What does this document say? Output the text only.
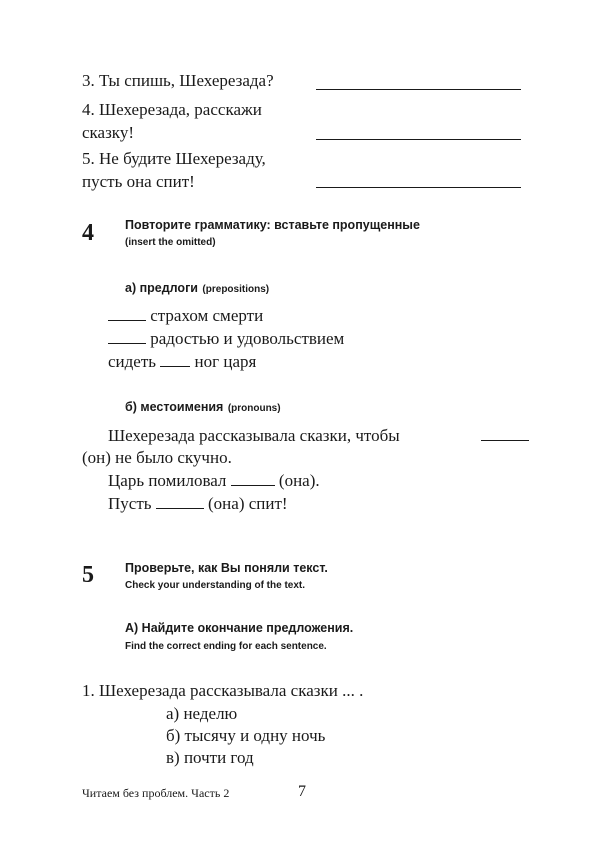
3. Ты спишь, Шехерезада?
4. Шехерезада, расскажи
сказку!
5. Не будите Шехерезаду,
пусть она спит!
4 Повторите грамматику: вставьте пропущенные
(insert the omitted)
а) предлоги (prepositions)
страхом смерти
радостью и удовольствием
сидеть ног царя
б) местоимения (pronouns)
Шехерезада рассказывала сказки, чтобы
(он) не было скучно.
Царь помиловал	(она).
Пусть	(она) спит!
5 Проверьте, как Вы поняли текст.
Check your understanding of the text.
А) Найдите окончание предложения.
Find the correct ending for each sentence.
1. Шехерезада рассказывала сказки ... .
а) неделю
б) тысячу и одну ночь
в) почти год
Читаем без проблем. Часть 2	7
